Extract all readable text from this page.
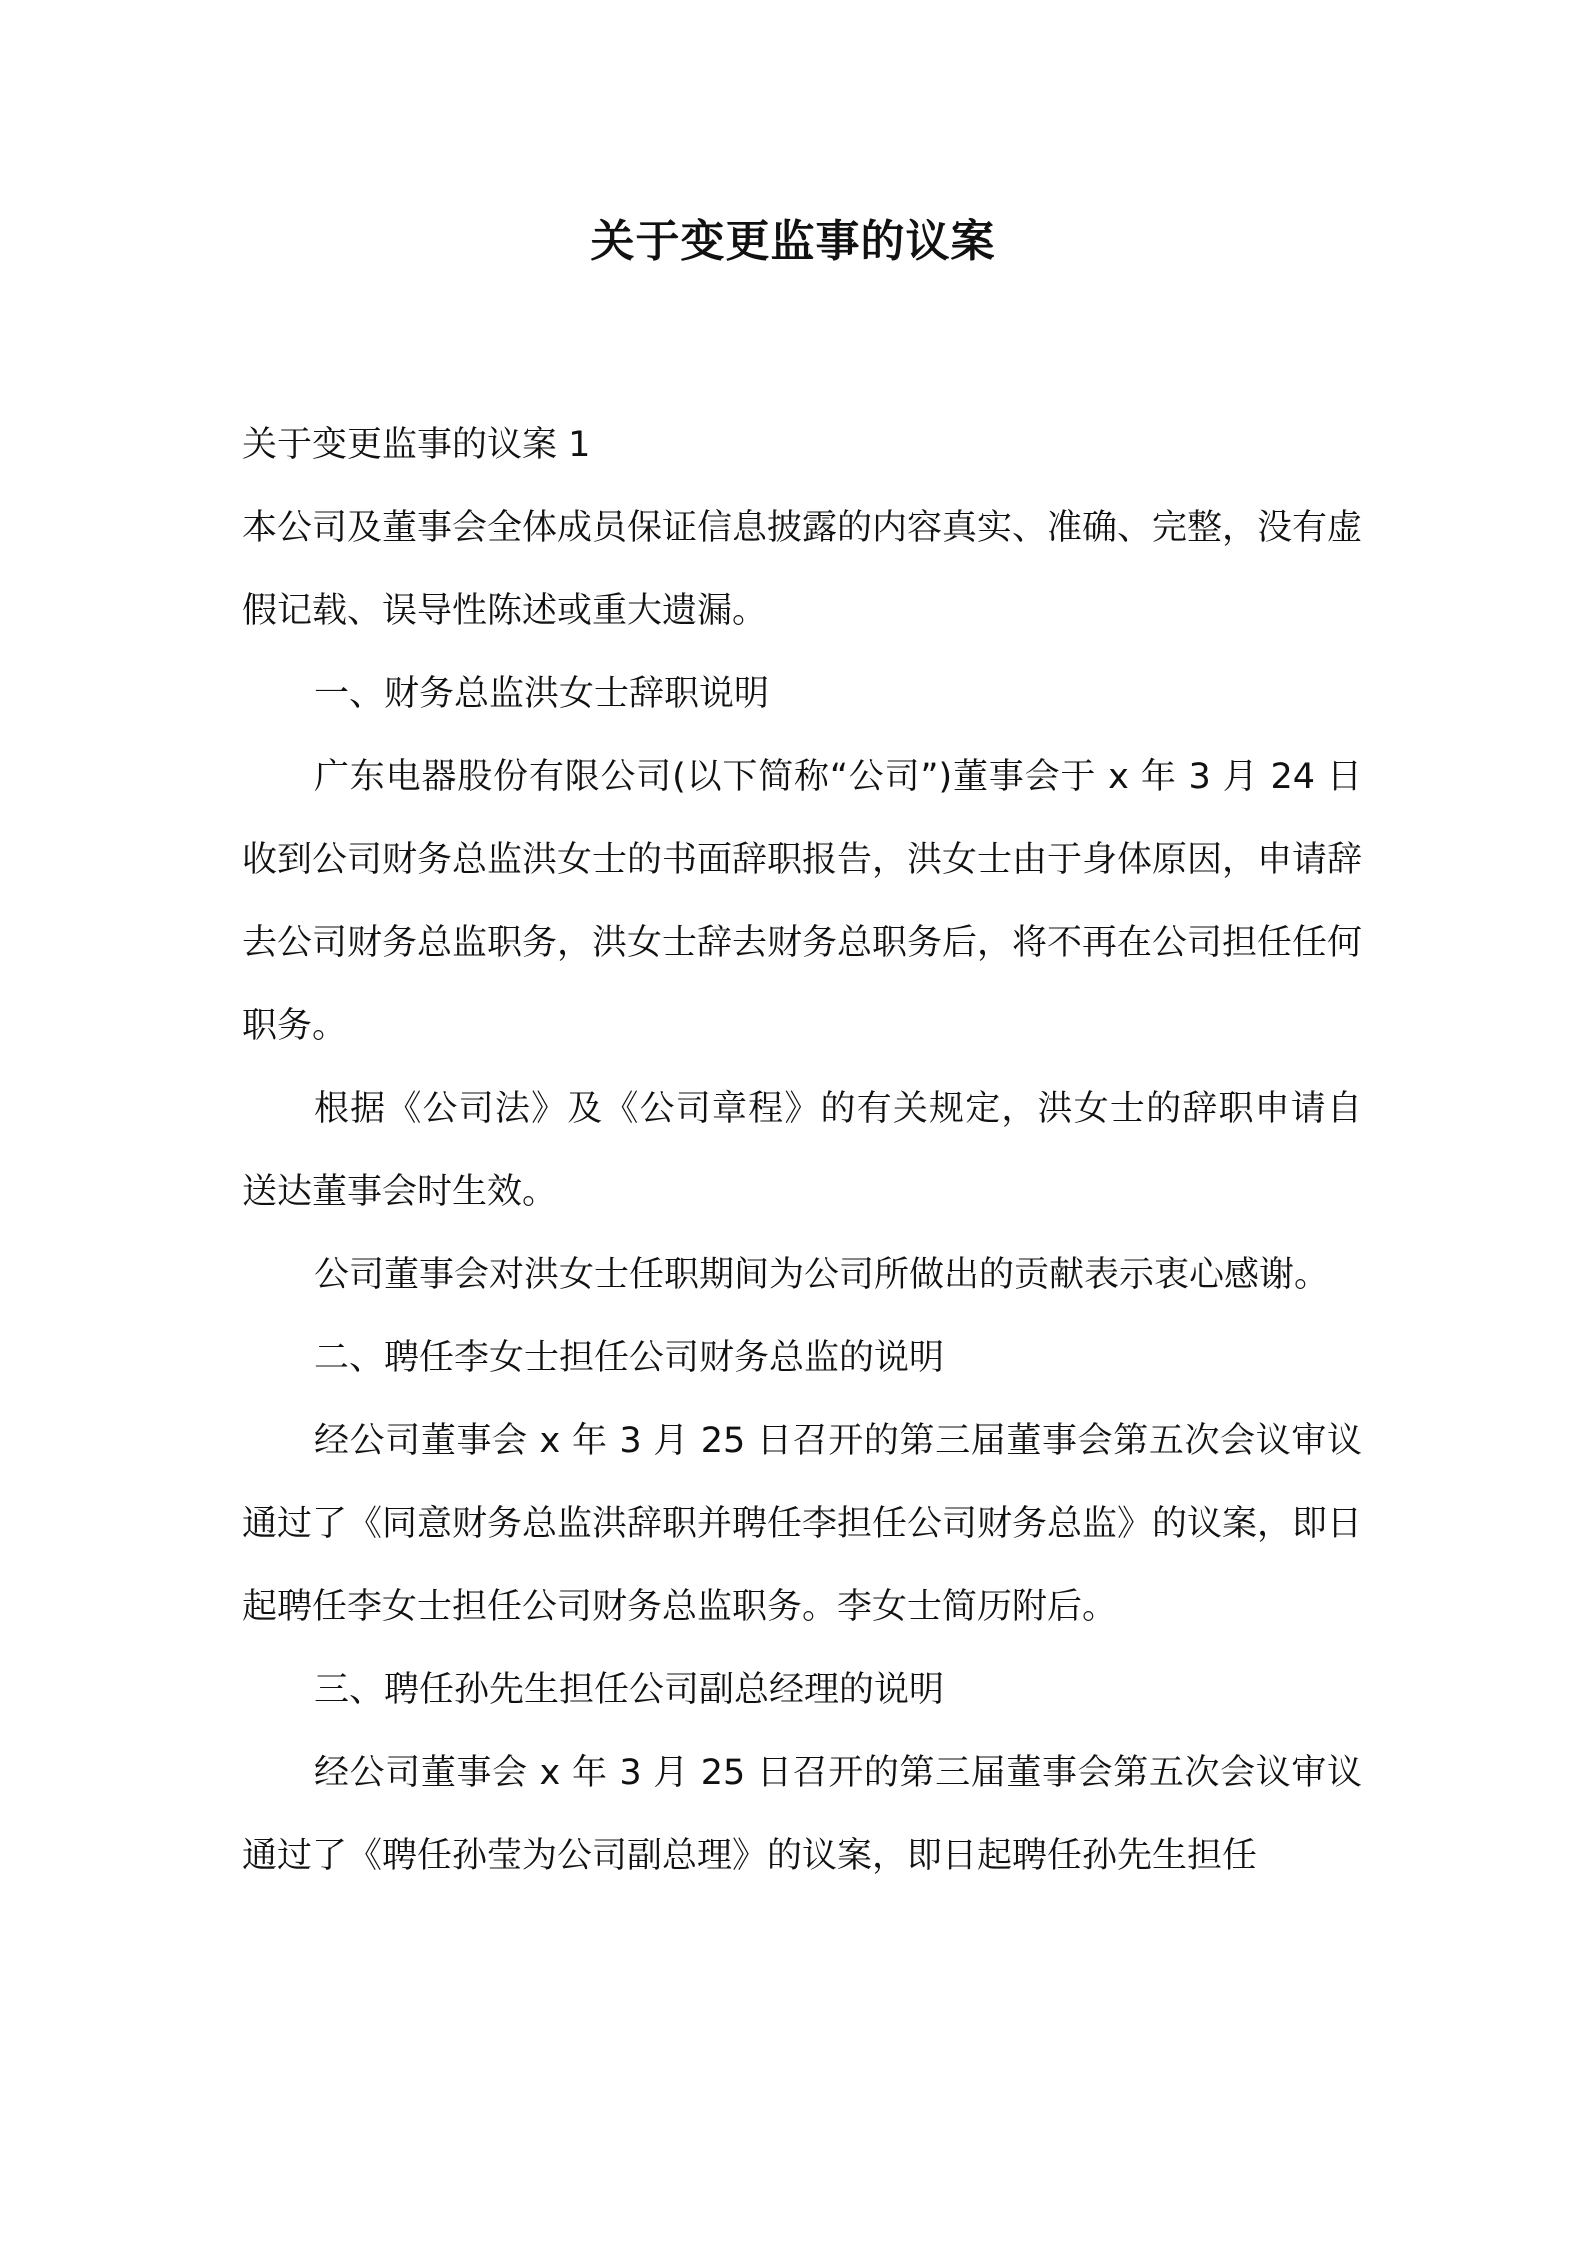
关于变更监事的议案

关于变更监事的议案 1

本公司及董事会全体成员保证信息披露的内容真实、准确、完整，没有虚假记载、误导性陈述或重大遗漏。

一、财务总监洪女士辞职说明

广东电器股份有限公司(以下简称“公司”)董事会于 x 年 3 月 24 日收到公司财务总监洪女士的书面辞职报告，洪女士由于身体原因，申请辞去公司财务总监职务，洪女士辞去财务总职务后，将不再在公司担任任何职务。

根据《公司法》及《公司章程》的有关规定，洪女士的辞职申请自送达董事会时生效。

公司董事会对洪女士任职期间为公司所做出的贡献表示衷心感谢。

二、聘任李女士担任公司财务总监的说明

经公司董事会 x 年 3 月 25 日召开的第三届董事会第五次会议审议通过了《同意财务总监洪辞职并聘任李担任公司财务总监》的议案，即日起聘任李女士担任公司财务总监职务。李女士简历附后。

三、聘任孙先生担任公司副总经理的说明

经公司董事会 x 年 3 月 25 日召开的第三届董事会第五次会议审议通过了《聘任孙莹为公司副总理》的议案，即日起聘任孙先生担任
